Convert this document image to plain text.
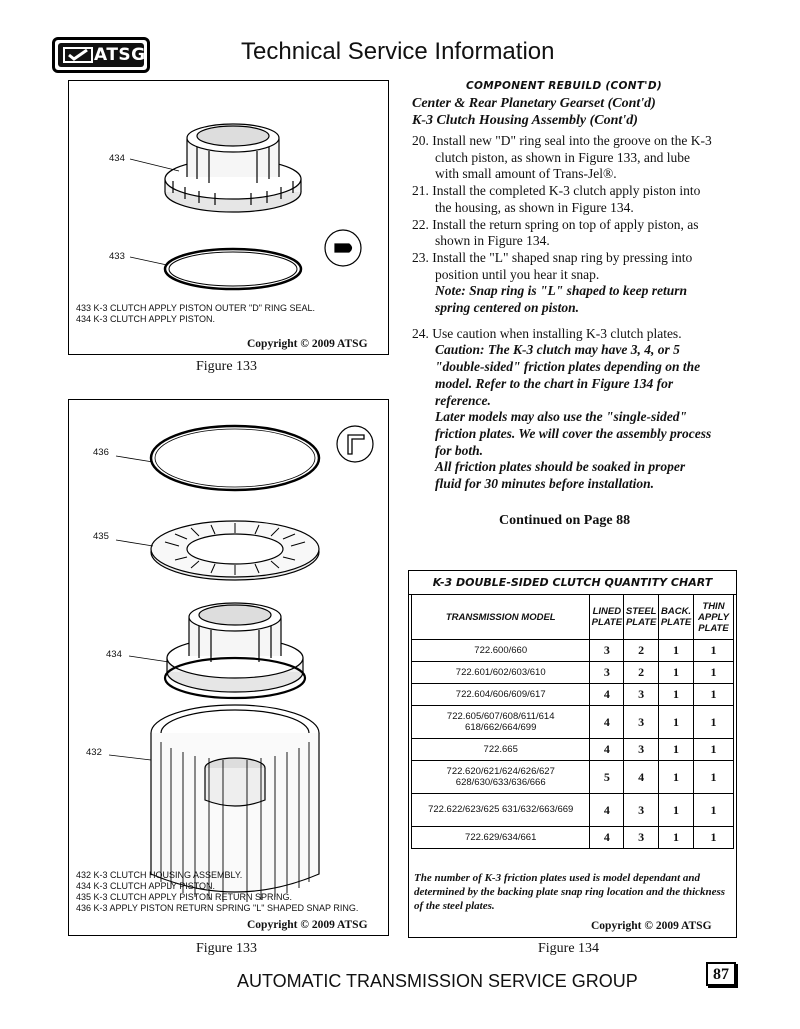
ATSG	Technical Service Information
434
433
433 K-3 CLUTCH APPLY PISTON OUTER "D" RING SEAL.
434 K-3 CLUTCH APPLY PISTON.
Copyright © 2009 ATSG
Figure 133
436
435
434
432
432 K-3 CLUTCH HOUSING ASSEMBLY.
434 K-3 CLUTCH APPLY PISTON.
435 K-3 CLUTCH APPLY PISTON RETURN SPRING.
436 K-3 APPLY PISTON RETURN SPRING "L" SHAPED SNAP RING.
Copyright © 2009 ATSG
Figure 133
COMPONENT REBUILD (CONT'D)
Center & Rear Planetary Gearset (Cont'd)
K-3 Clutch Housing Assembly (Cont'd)
20. Install new "D" ring seal into the groove on the K-3 clutch piston, as shown in Figure 133, and lube with small amount of Trans-Jel®.
21. Install the completed K-3 clutch apply piston into the housing, as shown in Figure 134.
22. Install the return spring on top of apply piston, as shown in Figure 134.
23. Install the "L" shaped snap ring by pressing into position until you hear it snap.
Note: Snap ring is "L" shaped to keep return spring centered on piston.
24. Use caution when installing K-3 clutch plates.
Caution: The K-3 clutch may have 3, 4, or 5 "double-sided" friction plates depending on the model. Refer to the chart in Figure 134 for reference.
Later models may also use the "single-sided" friction plates. We will cover the assembly process for both.
All friction plates should be soaked in proper fluid for 30 minutes before installation.
Continued on Page 88
K-3 DOUBLE-SIDED CLUTCH QUANTITY CHART
TRANSMISSION MODEL	LINED PLATE	STEEL PLATE	BACK. PLATE	THIN APPLY PLATE
722.600/660	3	2	1	1
722.601/602/603/610	3	2	1	1
722.604/606/609/617	4	3	1	1
722.605/607/608/611/614 618/662/664/699	4	3	1	1
722.665	4	3	1	1
722.620/621/624/626/627 628/630/633/636/666	5	4	1	1
722.622/623/625 631/632/663/669	4	3	1	1
722.629/634/661	4	3	1	1
The number of K-3 friction plates used is model dependant and determined by the backing plate snap ring location and the thickness of the steel plates.
Copyright © 2009 ATSG
Figure 134
AUTOMATIC TRANSMISSION SERVICE GROUP	87
